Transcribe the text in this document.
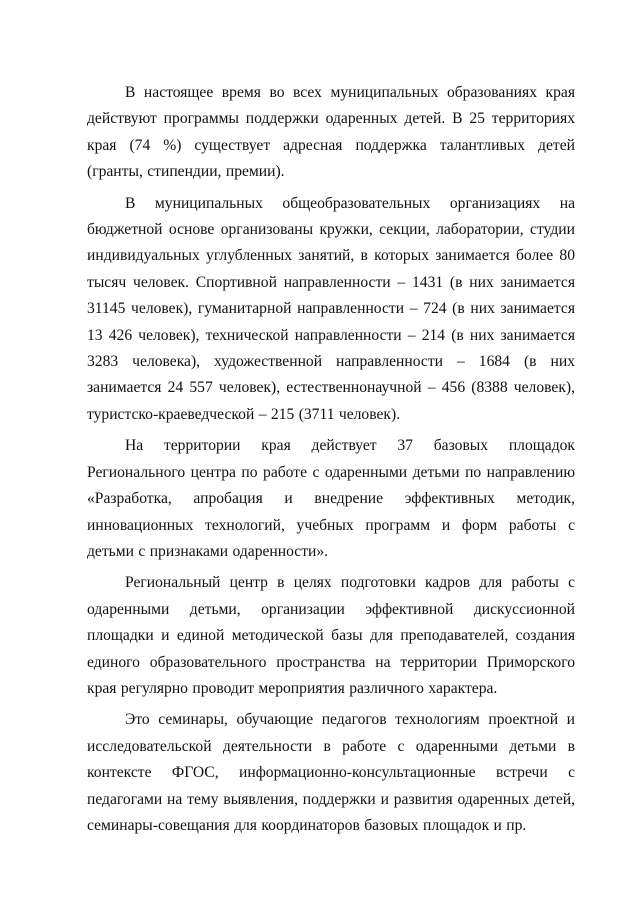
В настоящее время во всех муниципальных образованиях края действуют программы поддержки одаренных детей. В 25 территориях края (74 %) существует адресная поддержка талантливых детей (гранты, стипендии, премии).

В муниципальных общеобразовательных организациях на бюджетной основе организованы кружки, секции, лаборатории, студии индивидуальных углубленных занятий, в которых занимается более 80 тысяч человек. Спортивной направленности – 1431 (в них занимается 31145 человек), гуманитарной направленности – 724 (в них занимается 13 426 человек), технической направленности – 214 (в них занимается 3283 человека), художественной направленности – 1684 (в них занимается 24 557 человек), естественнонаучной – 456 (8388 человек), туристско-краеведческой – 215 (3711 человек).

На территории края действует 37 базовых площадок Регионального центра по работе с одаренными детьми по направлению «Разработка, апробация и внедрение эффективных методик, инновационных технологий, учебных программ и форм работы с детьми с признаками одаренности».

Региональный центр в целях подготовки кадров для работы с одаренными детьми, организации эффективной дискуссионной площадки и единой методической базы для преподавателей, создания единого образовательного пространства на территории Приморского края регулярно проводит мероприятия различного характера.

Это семинары, обучающие педагогов технологиям проектной и исследовательской деятельности в работе с одаренными детьми в контексте ФГОС, информационно-консультационные встречи с педагогами на тему выявления, поддержки и развития одаренных детей, семинары-совещания для координаторов базовых площадок и пр.
